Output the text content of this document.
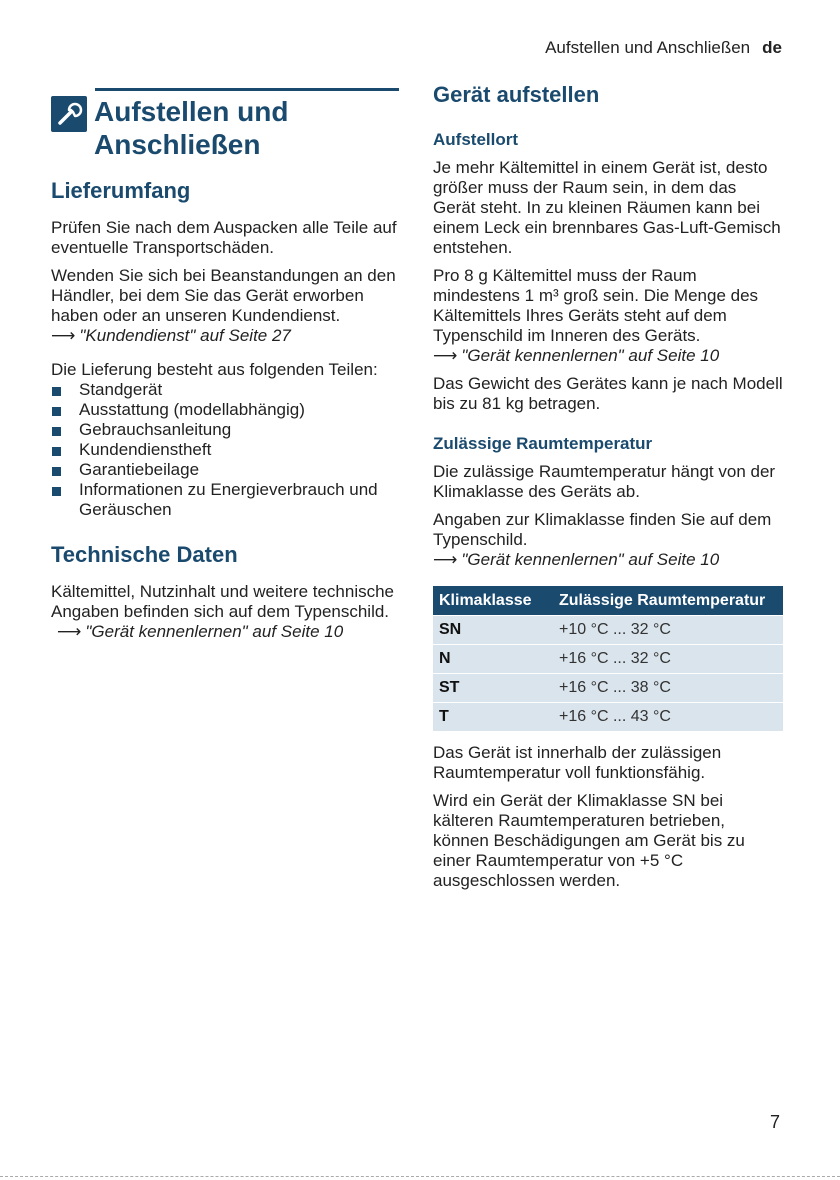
Aufstellen und Anschließen de
Aufstellen und
Anschließen
Lieferumfang

Prüfen Sie nach dem Auspacken alle Teile auf eventuelle Transportschäden.

Wenden Sie sich bei Beanstandungen an den Händler, bei dem Sie das Gerät erworben haben oder an unseren Kundendienst.

⟶ "Kundendienst" auf Seite 27

Die Lieferung besteht aus folgenden Teilen:

Standgerät
Ausstattung (modellabhängig)
Gebrauchsanleitung
Kundendienstheft
Garantiebeilage
Informationen zu Energieverbrauch und Geräuschen
Technische Daten

Kältemittel, Nutzinhalt und weitere technische Angaben befinden sich auf dem Typenschild.

⟶ "Gerät kennenlernen" auf Seite 10

Gerät aufstellen
Aufstellort

Je mehr Kältemittel in einem Gerät ist, desto größer muss der Raum sein, in dem das Gerät steht. In zu kleinen Räumen kann bei einem Leck ein brennbares Gas-Luft-Gemisch entstehen.

Pro 8 g Kältemittel muss der Raum mindestens 1 m³ groß sein. Die Menge des Kältemittels Ihres Geräts steht auf dem Typenschild im Inneren des Geräts.

⟶ "Gerät kennenlernen" auf Seite 10

Das Gewicht des Gerätes kann je nach Modell bis zu 81 kg betragen.

Zulässige Raumtemperatur

Die zulässige Raumtemperatur hängt von der Klimaklasse des Geräts ab.

Angaben zur Klimaklasse finden Sie auf dem Typenschild.

⟶ "Gerät kennenlernen" auf Seite 10

Klimaklasse	Zulässige Raumtemperatur
SN	+10 °C ... 32 °C
N	+16 °C ... 32 °C
ST	+16 °C ... 38 °C
T	+16 °C ... 43 °C

Das Gerät ist innerhalb der zulässigen Raumtemperatur voll funktionsfähig.

Wird ein Gerät der Klimaklasse SN bei kälteren Raumtemperaturen betrieben, können Beschädigungen am Gerät bis zu einer Raumtemperatur von +5 °C ausgeschlossen werden.

7
